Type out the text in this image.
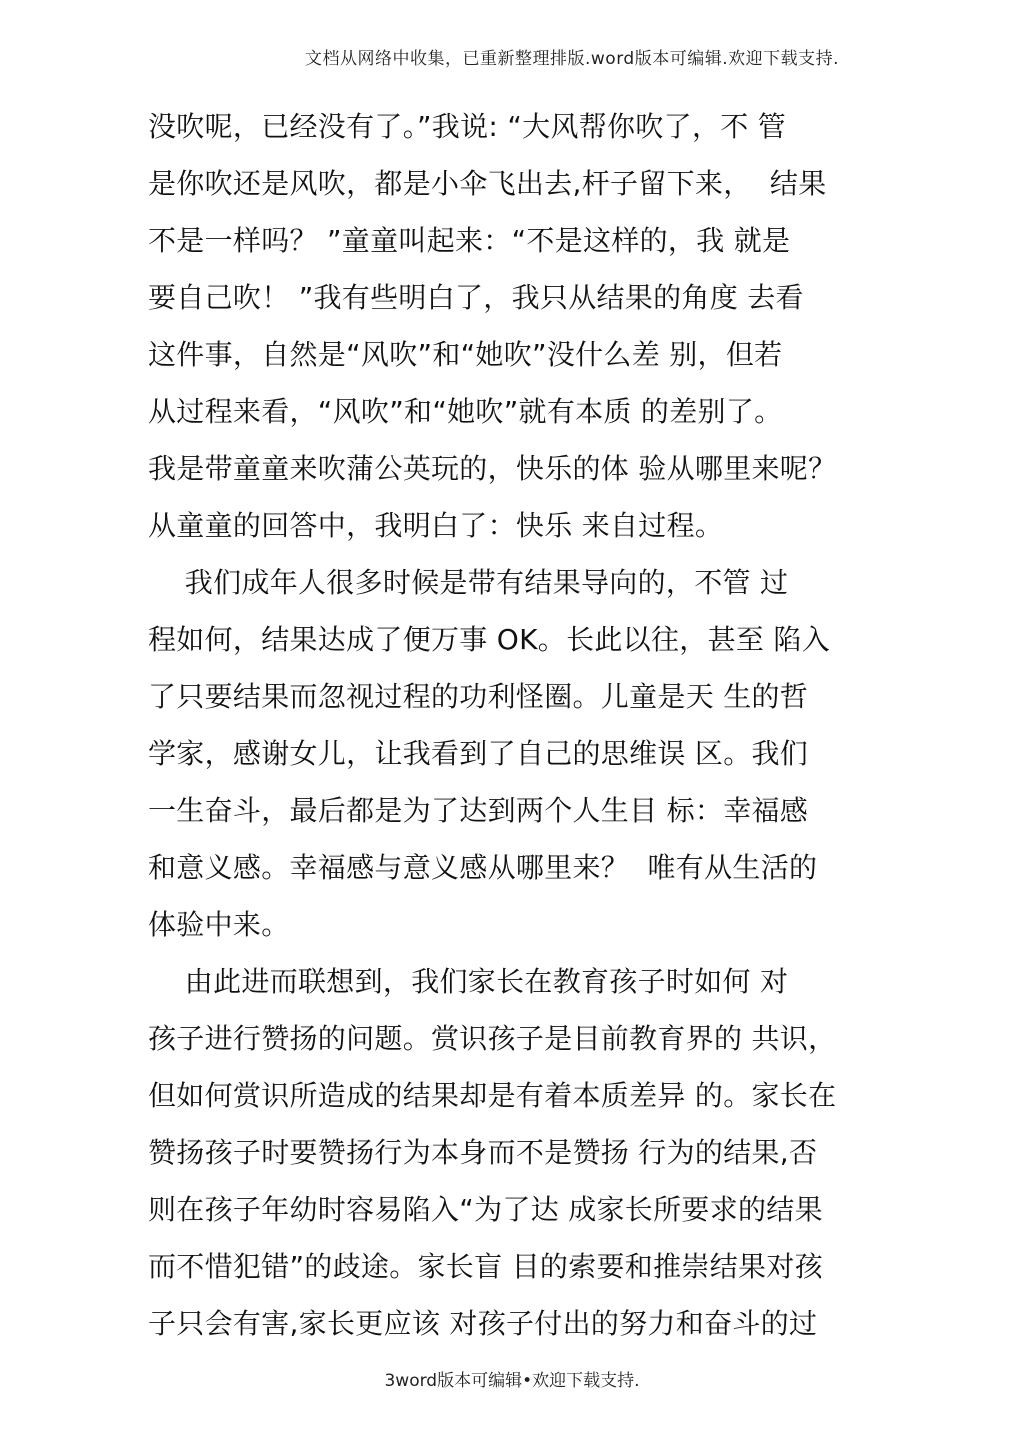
文档从网络中收集，已重新整理排版.word版本可编辑.欢迎下载支持.
没吹呢，已经没有了。”我说: “大风帮你吹了，不 管
是你吹还是风吹，都是小伞飞出去,杆子留下来，  结果
不是一样吗？ ”童童叫起来：“不是这样的，我 就是
要自己吹！ ”我有些明白了，我只从结果的角度 去看
这件事，自然是“风吹”和“她吹”没什么差 别，但若
从过程来看，“风吹”和“她吹”就有本质 的差别了。
我是带童童来吹蒲公英玩的，快乐的体 验从哪里来呢？
从童童的回答中，我明白了：快乐 来自过程。
我们成年人很多时候是带有结果导向的，不管 过
程如何，结果达成了便万事 OK。长此以往，甚至 陷入
了只要结果而忽视过程的功利怪圈。儿童是天 生的哲
学家，感谢女儿，让我看到了自己的思维误 区。我们
一生奋斗，最后都是为了达到两个人生目 标：幸福感
和意义感。幸福感与意义感从哪里来？  唯有从生活的
体验中来。
由此进而联想到，我们家长在教育孩子时如何 对
孩子进行赞扬的问题。赏识孩子是目前教育界的 共识，
但如何赏识所造成的结果却是有着本质差异 的。家长在
赞扬孩子时要赞扬行为本身而不是赞扬 行为的结果,否
则在孩子年幼时容易陷入“为了达 成家长所要求的结果
而不惜犯错”的歧途。家长盲 目的索要和推崇结果对孩
子只会有害,家长更应该 对孩子付出的努力和奋斗的过
3word版本可编辑•欢迎下载支持.
